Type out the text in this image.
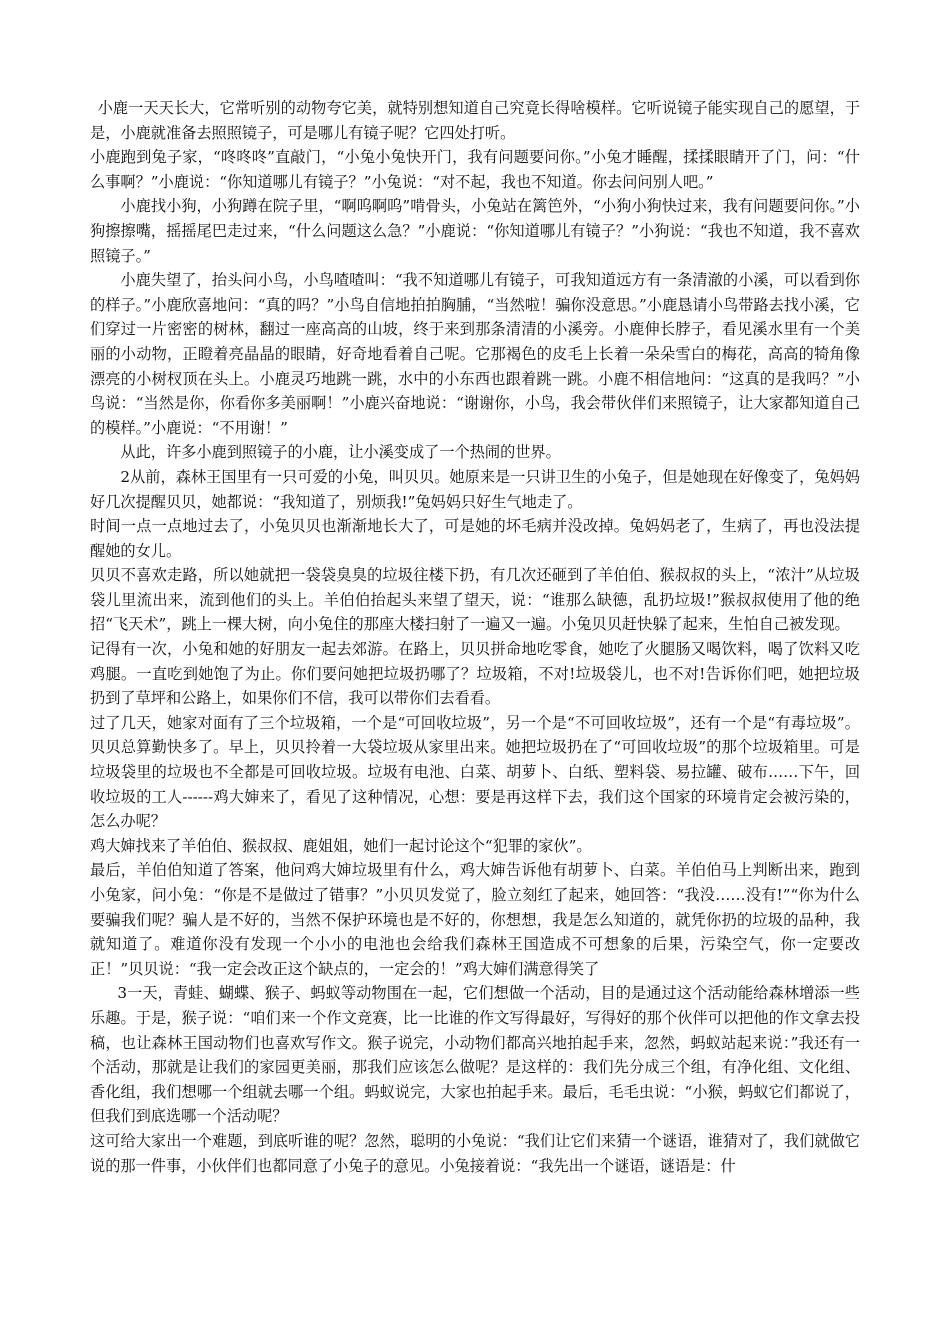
小鹿一天天长大，它常听别的动物夸它美，就特别想知道自己究竟长得啥模样。它听说镜子能实现自己的愿望，于是，小鹿就准备去照照镜子，可是哪儿有镜子呢？它四处打听。

小鹿跑到兔子家，“咚咚咚”直敲门，“小兔小兔快开门，我有问题要问你。”小兔才睡醒，揉揉眼睛开了门，问：“什么事啊？”小鹿说：“你知道哪儿有镜子？”小兔说：“对不起，我也不知道。你去问问别人吧。”

小鹿找小狗，小狗蹲在院子里，“啊呜啊呜”啃骨头，小兔站在篱笆外，“小狗小狗快过来，我有问题要问你。”小狗擦擦嘴，摇摇尾巴走过来，“什么问题这么急？”小鹿说：“你知道哪儿有镜子？”小狗说：“我也不知道，我不喜欢照镜子。”

小鹿失望了，抬头问小鸟，小鸟喳喳叫：“我不知道哪儿有镜子，可我知道远方有一条清澈的小溪，可以看到你的样子。”小鹿欣喜地问：“真的吗？”小鸟自信地拍拍胸脯，“当然啦！骗你没意思。”小鹿恳请小鸟带路去找小溪，它们穿过一片密密的树林，翻过一座高高的山坡，终于来到那条清清的小溪旁。小鹿伸长脖子，看见溪水里有一个美丽的小动物，正瞪着亮晶晶的眼睛，好奇地看着自己呢。它那褐色的皮毛上长着一朵朵雪白的梅花，高高的犄角像漂亮的小树杈顶在头上。小鹿灵巧地跳一跳，水中的小东西也跟着跳一跳。小鹿不相信地问：“这真的是我吗？”小鸟说：“当然是你，你看你多美丽啊！”小鹿兴奋地说：“谢谢你，小鸟，我会带伙伴们来照镜子，让大家都知道自己的模样。”小鹿说：“不用谢！”

从此，许多小鹿到照镜子的小鹿，让小溪变成了一个热闹的世界。

2从前，森林王国里有一只可爱的小兔，叫贝贝。她原来是一只讲卫生的小兔子，但是她现在好像变了，兔妈妈好几次提醒贝贝，她都说：“我知道了，别烦我!”兔妈妈只好生气地走了。

时间一点一点地过去了，小兔贝贝也渐渐地长大了，可是她的坏毛病并没改掉。兔妈妈老了，生病了，再也没法提醒她的女儿。

贝贝不喜欢走路，所以她就把一袋袋臭臭的垃圾往楼下扔，有几次还砸到了羊伯伯、猴叔叔的头上，“浓汁”从垃圾袋儿里流出来，流到他们的头上。羊伯伯抬起头来望了望天，说：“谁那么缺德，乱扔垃圾!”猴叔叔使用了他的绝招“飞天术”，跳上一棵大树，向小兔住的那座大楼扫射了一遍又一遍。小兔贝贝赶快躲了起来，生怕自己被发现。

记得有一次，小兔和她的好朋友一起去郊游。在路上，贝贝拼命地吃零食，她吃了火腿肠又喝饮料，喝了饮料又吃鸡腿。一直吃到她饱了为止。你们要问她把垃圾扔哪了？垃圾箱，不对!垃圾袋儿，也不对!告诉你们吧，她把垃圾扔到了草坪和公路上，如果你们不信，我可以带你们去看看。

过了几天，她家对面有了三个垃圾箱，一个是“可回收垃圾”，另一个是“不可回收垃圾”，还有一个是“有毒垃圾”。贝贝总算勤快多了。早上，贝贝拎着一大袋垃圾从家里出来。她把垃圾扔在了“可回收垃圾”的那个垃圾箱里。可是垃圾袋里的垃圾也不全都是可回收垃圾。垃圾有电池、白菜、胡萝卜、白纸、塑料袋、易拉罐、破布……下午，回收垃圾的工人------鸡大婶来了，看见了这种情况，心想：要是再这样下去，我们这个国家的环境肯定会被污染的，怎么办呢？

鸡大婶找来了羊伯伯、猴叔叔、鹿姐姐，她们一起讨论这个“犯罪的家伙”。

最后，羊伯伯知道了答案，他问鸡大婶垃圾里有什么，鸡大婶告诉他有胡萝卜、白菜。羊伯伯马上判断出来，跑到小兔家，问小兔：“你是不是做过了错事？”小贝贝发觉了，脸立刻红了起来，她回答：“我没……没有!”“你为什么要骗我们呢？骗人是不好的，当然不保护环境也是不好的，你想想，我是怎么知道的，就凭你扔的垃圾的品种，我就知道了。难道你没有发现一个小小的电池也会给我们森林王国造成不可想象的后果，污染空气，你一定要改正！”贝贝说：“我一定会改正这个缺点的，一定会的！”鸡大婶们满意得笑了

3一天，青蛙、蝴蝶、猴子、蚂蚁等动物围在一起，它们想做一个活动，目的是通过这个活动能给森林增添一些乐趣。于是，猴子说：“咱们来一个作文竞赛，比一比谁的作文写得最好，写得好的那个伙伴可以把他的作文拿去投稿，也让森林王国动物们也喜欢写作文。猴子说完，小动物们都高兴地拍起手来，忽然，蚂蚁站起来说：”我还有一个活动，那就是让我们的家园更美丽，那我们应该怎么做呢？是这样的：我们先分成三个组，有净化组、文化组、香化组，我们想哪一个组就去哪一个组。蚂蚁说完，大家也拍起手来。最后，毛毛虫说：“小猴，蚂蚁它们都说了，但我们到底选哪一个活动呢？

这可给大家出一个难题，到底听谁的呢？忽然，聪明的小兔说：“我们让它们来猜一个谜语，谁猜对了，我们就做它说的那一件事，小伙伴们也都同意了小兔子的意见。小兔接着说：“我先出一个谜语，谜语是：什
